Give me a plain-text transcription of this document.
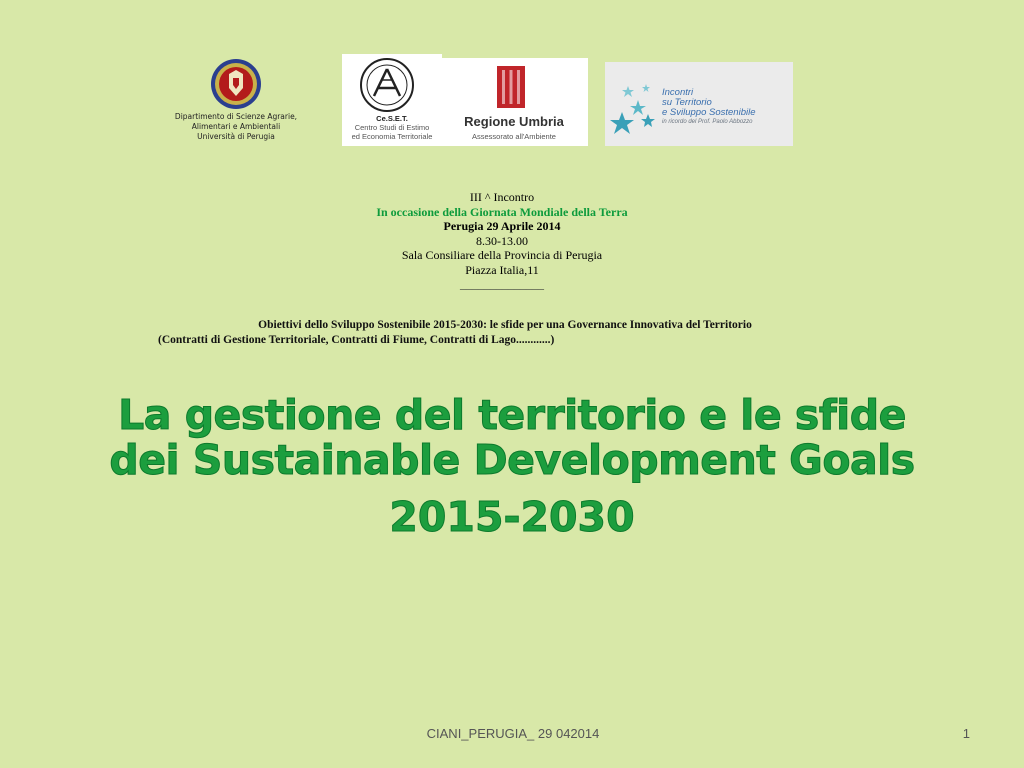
Dipartimento di Scienze Agrarie,
Alimentari e Ambientali
Università di Perugia
Ce.S.E.T.
Centro Studi di Estimo
ed Economia Territoriale
Regione Umbria
Assessorato all'Ambiente
Incontri
su Territorio
e Sviluppo Sostenibile
in ricordo del Prof. Paolo Abbozzo
III ^ Incontro
In occasione della Giornata Mondiale della Terra
Perugia 29 Aprile 2014
8.30-13.00
Sala Consiliare della Provincia di Perugia
Piazza Italia,11
______________
Obiettivi dello Sviluppo Sostenibile 2015-2030: le sfide per una Governance Innovativa del Territorio
(Contratti di Gestione Territoriale, Contratti di Fiume, Contratti di Lago............)
La gestione del territorio e le sfide
dei Sustainable Development Goals
2015-2030
CIANI_PERUGIA_ 29 042014	1
